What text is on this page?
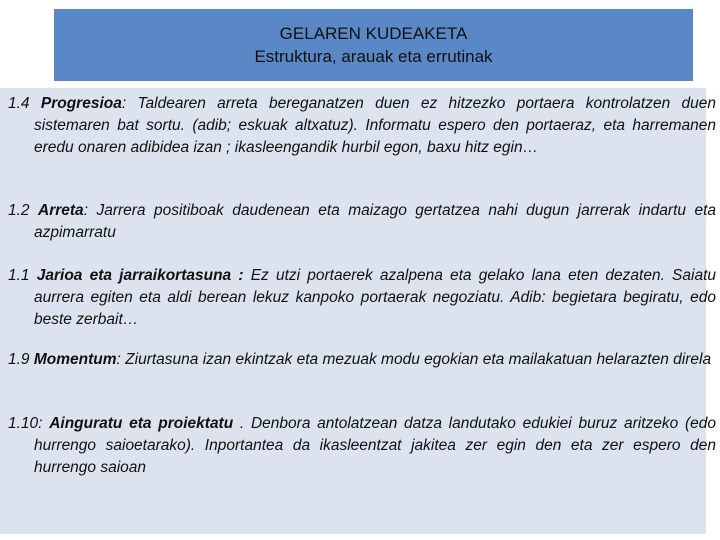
GELAREN KUDEAKETA
Estruktura, arauak eta errutinak
1.4 Progresioa: Taldearen arreta bereganatzen duen ez hitzezko portaera kontrolatzen duen sistemaren bat sortu. (adib; eskuak altxatuz). Informatu espero den portaeraz, eta harremanen eredu onaren adibidea izan ; ikasleengandik hurbil egon, baxu hitz egin…
1.2 Arreta: Jarrera positiboak daudenean eta maizago gertatzea nahi dugun jarrerak indartu eta azpimarratu
1.1 Jarioa eta jarraikortasuna : Ez utzi portaerek azalpena eta gelako lana eten dezaten. Saiatu aurrera egiten eta aldi berean lekuz kanpoko portaerak negoziatu. Adib: begietara begiratu, edo beste zerbait…
1.9 Momentum: Ziurtasuna izan ekintzak eta mezuak modu egokian eta mailakatuan helarazten direla
1.10: Ainguratu eta proiektatu . Denbora antolatzean datza landutako edukiei buruz aritzeko (edo hurrengo saioetarako). Inportantea da ikasleentzat jakitea zer egin den eta zer espero den hurrengo saioan
